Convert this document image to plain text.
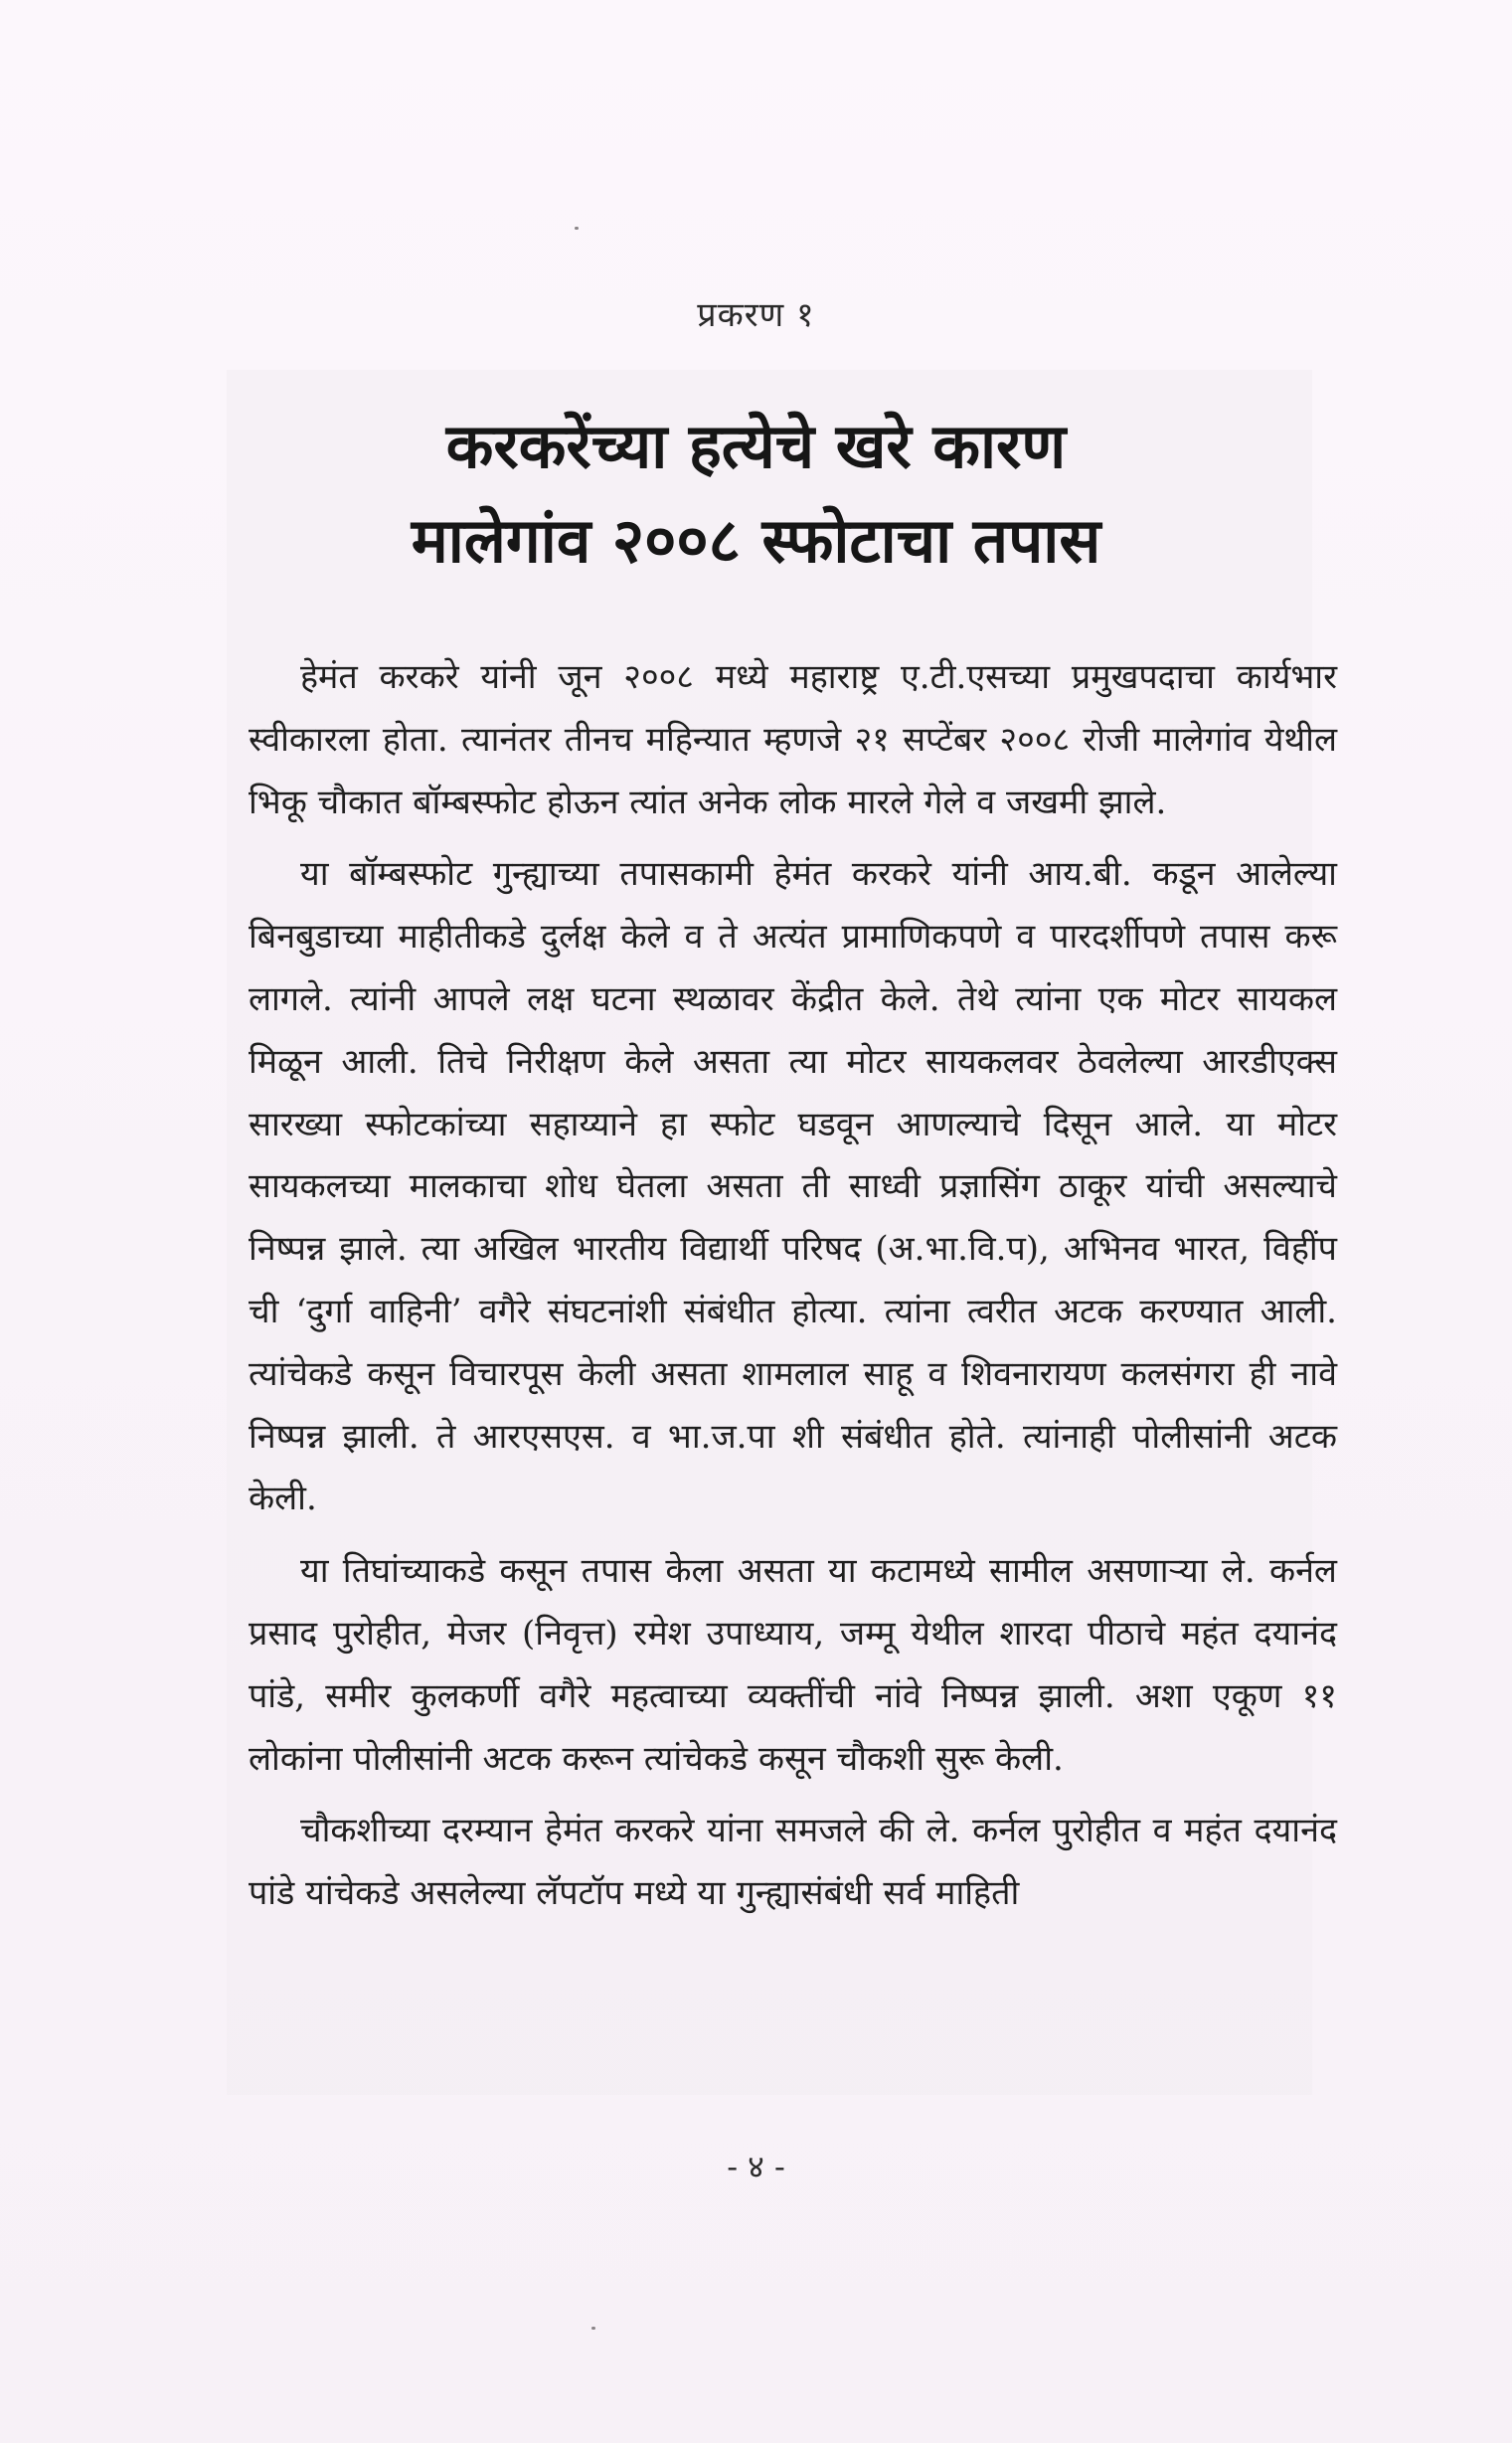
प्रकरण १
करकरेंच्या हत्येचे खरे कारण
मालेगांव २००८ स्फोटाचा तपास

हेमंत करकरे यांनी जून २००८ मध्ये महाराष्ट्र ए.टी.एसच्या प्रमुखपदाचा कार्यभार स्वीकारला होता. त्यानंतर तीनच महिन्यात म्हणजे २१ सप्टेंबर २००८ रोजी मालेगांव येथील भिकू चौकात बॉम्बस्फोट होऊन त्यांत अनेक लोक मारले गेले व जखमी झाले.

या बॉम्बस्फोट गुन्ह्याच्या तपासकामी हेमंत करकरे यांनी आय.बी. कडून आलेल्या बिनबुडाच्या माहीतीकडे दुर्लक्ष केले व ते अत्यंत प्रामाणिकपणे व पारदर्शीपणे तपास करू लागले. त्यांनी आपले लक्ष घटना स्थळावर केंद्रीत केले. तेथे त्यांना एक मोटर सायकल मिळून आली. तिचे निरीक्षण केले असता त्या मोटर सायकलवर ठेवलेल्या आरडीएक्स सारख्या स्फोटकांच्या सहाय्याने हा स्फोट घडवून आणल्याचे दिसून आले. या मोटर सायकलच्या मालकाचा शोध घेतला असता ती साध्वी प्रज्ञासिंग ठाकूर यांची असल्याचे निष्पन्न झाले. त्या अखिल भारतीय विद्यार्थी परिषद (अ.भा.वि.प), अभिनव भारत, विहींप ची ‘दुर्गा वाहिनी’ वगैरे संघटनांशी संबंधीत होत्या. त्यांना त्वरीत अटक करण्यात आली. त्यांचेकडे कसून विचारपूस केली असता शामलाल साहू व शिवनारायण कलसंगरा ही नावे निष्पन्न झाली. ते आरएसएस. व भा.ज.पा शी संबंधीत होते. त्यांनाही पोलीसांनी अटक केली.

या तिघांच्याकडे कसून तपास केला असता या कटामध्ये सामील असणाऱ्या ले. कर्नल प्रसाद पुरोहीत, मेजर (निवृत्त) रमेश उपाध्याय, जम्मू येथील शारदा पीठाचे महंत दयानंद पांडे, समीर कुलकर्णी वगैरे महत्वाच्या व्यक्तींची नांवे निष्पन्न झाली. अशा एकूण ११ लोकांना पोलीसांनी अटक करून त्यांचेकडे कसून चौकशी सुरू केली.

चौकशीच्या दरम्यान हेमंत करकरे यांना समजले की ले. कर्नल पुरोहीत व महंत दयानंद पांडे यांचेकडे असलेल्या लॅपटॉप मध्ये या गुन्ह्यासंबंधी सर्व माहिती

- ४ -
